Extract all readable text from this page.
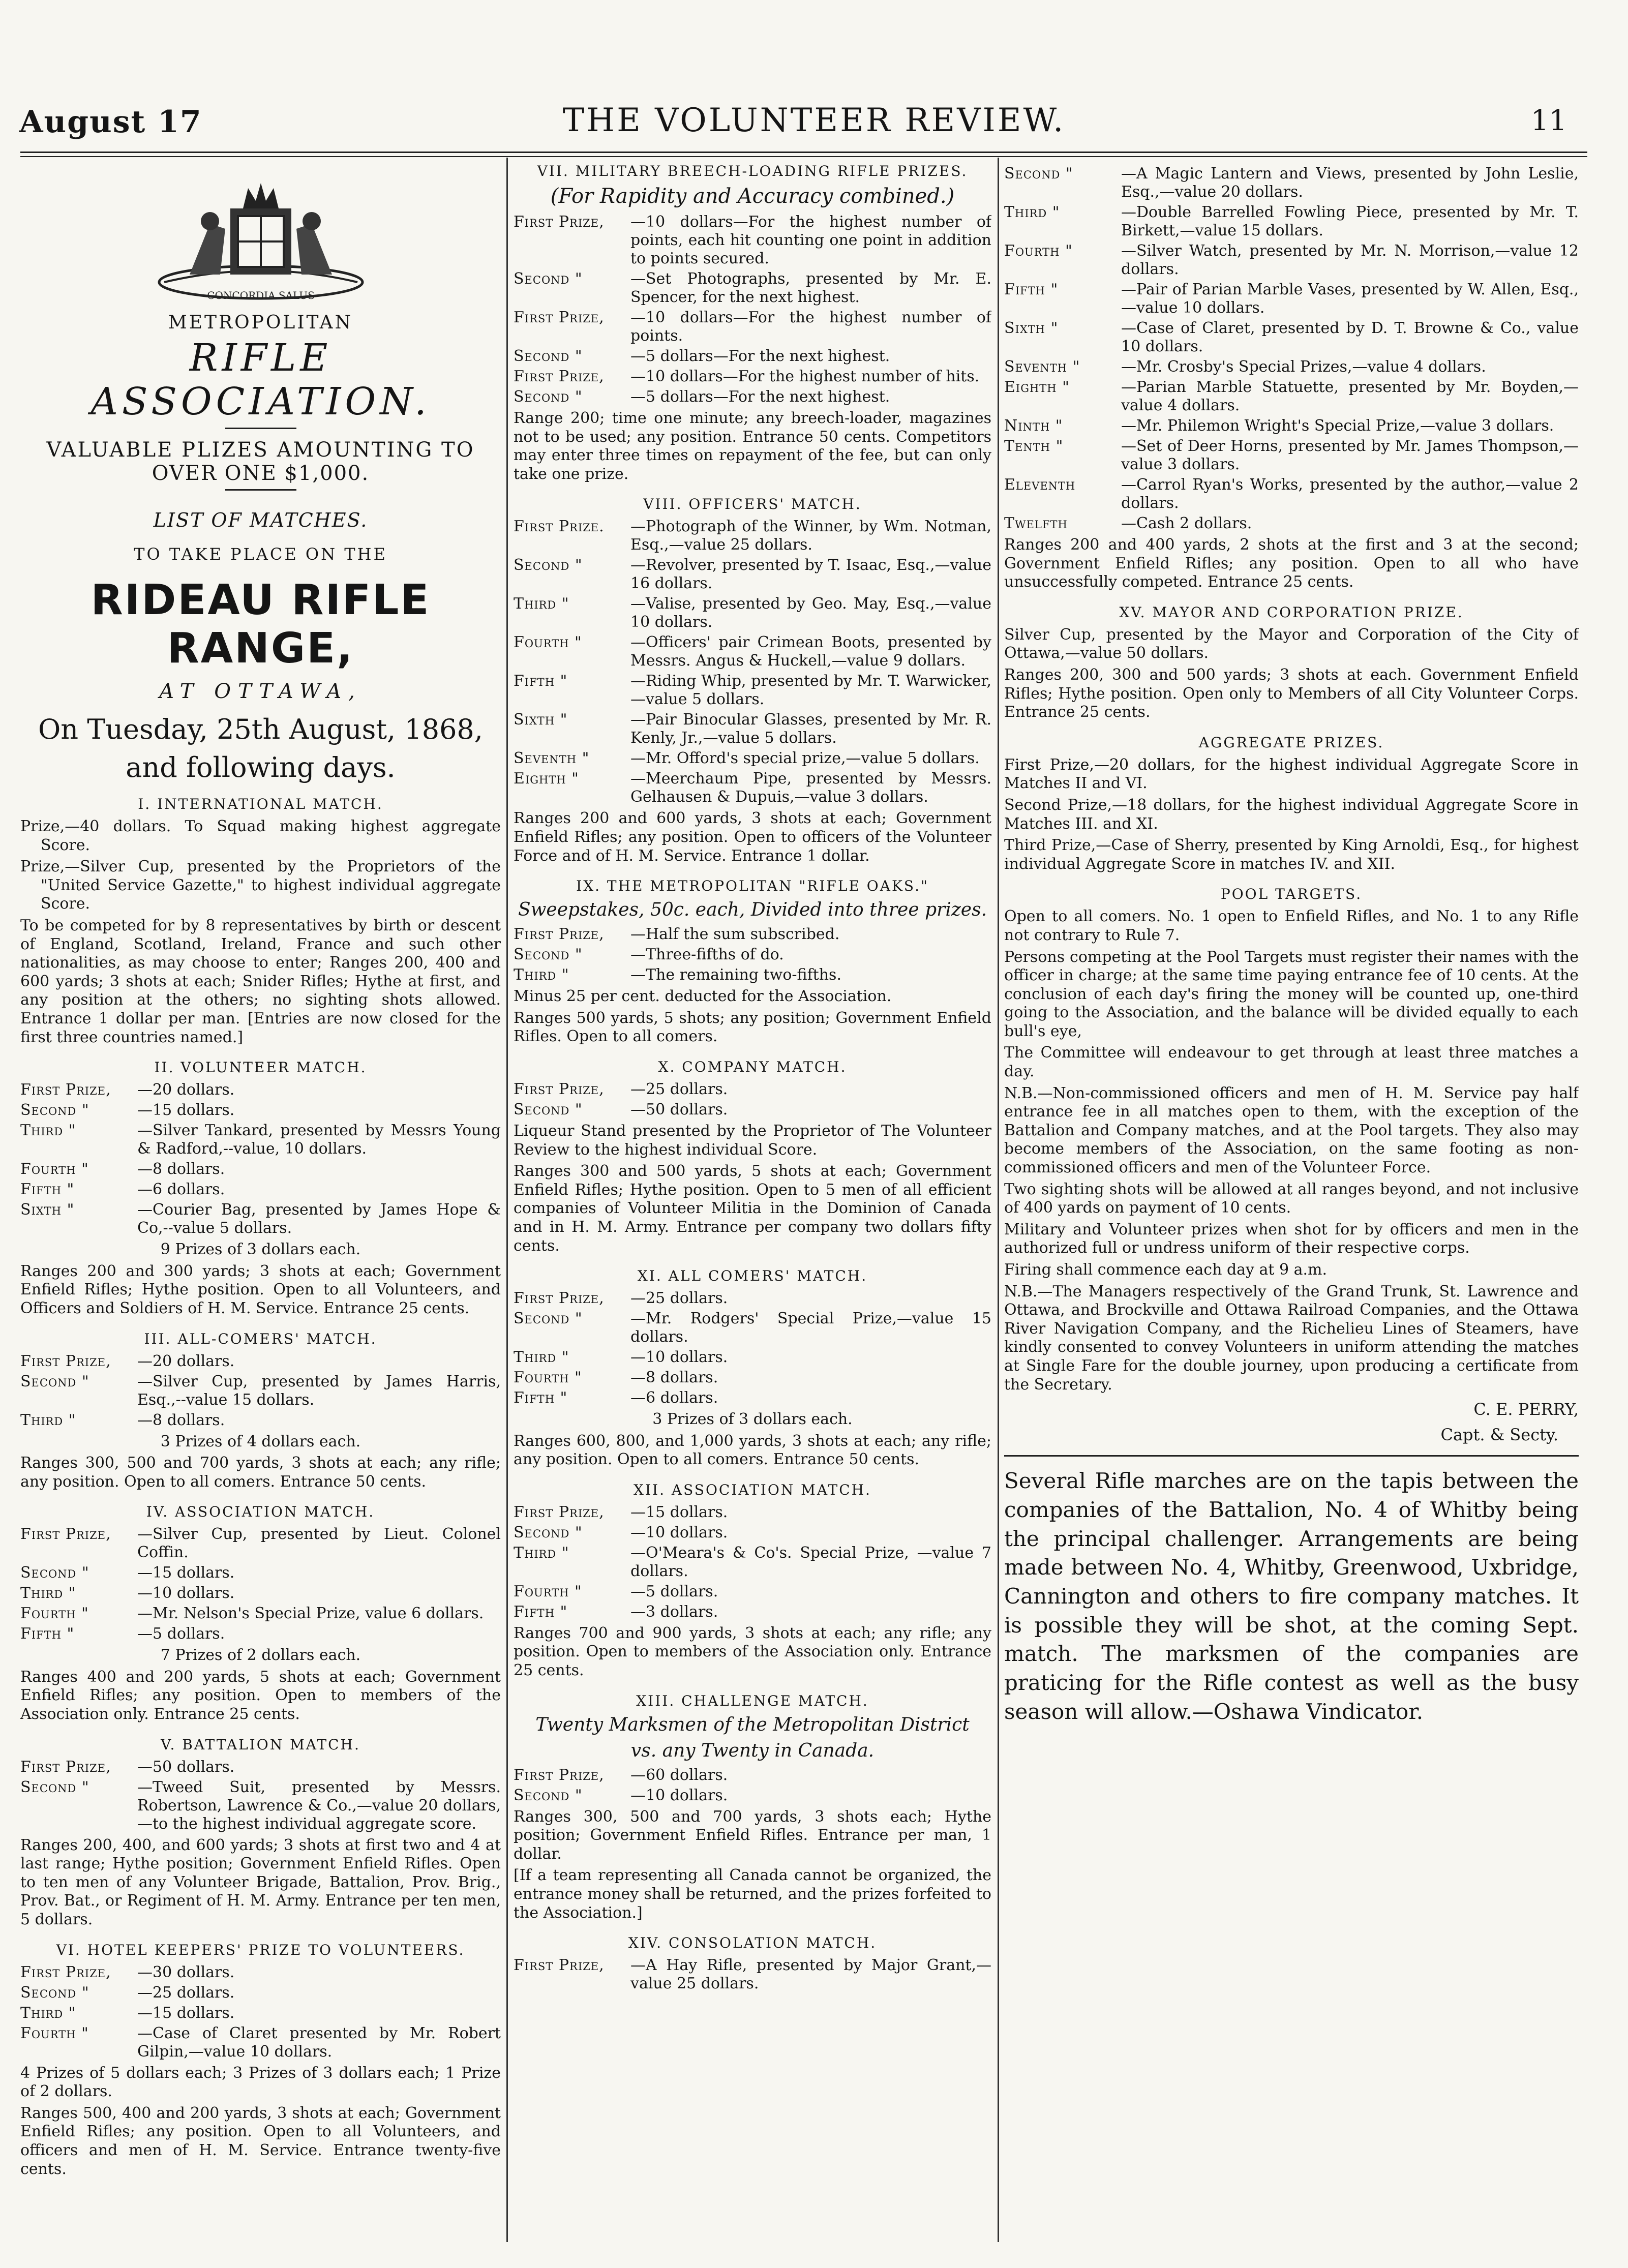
August 17	THE VOLUNTEER REVIEW.	11
CONCORDIA SALUS
METROPOLITAN
RIFLE ASSOCIATION.
VALUABLE PLIZES AMOUNTING TO
OVER ONE $1,000.
LIST OF MATCHES.
TO TAKE PLACE ON THE
RIDEAU RIFLE RANGE,
AT OTTAWA,
On Tuesday, 25th August, 1868,
and following days.
I. INTERNATIONAL MATCH.
Prize,—40 dollars. To Squad making highest aggregate Score.
Prize,—Silver Cup, presented by the Proprietors of the "United Service Gazette," to highest individual aggregate Score.
To be competed for by 8 representatives by birth or descent of England, Scotland, Ireland, France and such other nationalities, as may choose to enter; Ranges 200, 400 and 600 yards; 3 shots at each; Snider Rifles; Hythe at first, and any position at the others; no sighting shots allowed. Entrance 1 dollar per man. [Entries are now closed for the first three countries named.]
II. VOLUNTEER MATCH.
First Prize,	—20 dollars.
Second "	—15 dollars.
Third "	—Silver Tankard, presented by Messrs Young & Radford,--value, 10 dollars.
Fourth "	—8 dollars.
Fifth "	—6 dollars.
Sixth "	—Courier Bag, presented by James Hope & Co,--value 5 dollars.
9 Prizes of 3 dollars each.
Ranges 200 and 300 yards; 3 shots at each; Government Enfield Rifles; Hythe position. Open to all Volunteers, and Officers and Soldiers of H. M. Service. Entrance 25 cents.
III. ALL-COMERS' MATCH.
First Prize,	—20 dollars.
Second "	—Silver Cup, presented by James Harris, Esq.,--value 15 dollars.
Third "	—8 dollars.
3 Prizes of 4 dollars each.
Ranges 300, 500 and 700 yards, 3 shots at each; any rifle; any position. Open to all comers. Entrance 50 cents.
IV. ASSOCIATION MATCH.
First Prize,	—Silver Cup, presented by Lieut. Colonel Coffin.
Second "	—15 dollars.
Third "	—10 dollars.
Fourth "	—Mr. Nelson's Special Prize, value 6 dollars.
Fifth "	—5 dollars.
7 Prizes of 2 dollars each.
Ranges 400 and 200 yards, 5 shots at each; Government Enfield Rifles; any position. Open to members of the Association only. Entrance 25 cents.
V. BATTALION MATCH.
First Prize,	—50 dollars.
Second "	—Tweed Suit, presented by Messrs. Robertson, Lawrence & Co.,—value 20 dollars,—to the highest individual aggregate score.
Ranges 200, 400, and 600 yards; 3 shots at first two and 4 at last range; Hythe position; Government Enfield Rifles. Open to ten men of any Volunteer Brigade, Battalion, Prov. Brig., Prov. Bat., or Regiment of H. M. Army. Entrance per ten men, 5 dollars.
VI. HOTEL KEEPERS' PRIZE TO VOLUNTEERS.
First Prize,	—30 dollars.
Second "	—25 dollars.
Third "	—15 dollars.
Fourth "	—Case of Claret presented by Mr. Robert Gilpin,—value 10 dollars.
4 Prizes of 5 dollars each; 3 Prizes of 3 dollars each; 1 Prize of 2 dollars.
Ranges 500, 400 and 200 yards, 3 shots at each; Government Enfield Rifles; any position. Open to all Volunteers, and officers and men of H. M. Service. Entrance twenty-five cents.
VII. MILITARY BREECH-LOADING RIFLE PRIZES.
(For Rapidity and Accuracy combined.)
First Prize,	—10 dollars—For the highest number of points, each hit counting one point in addition to points secured.
Second "	—Set Photographs, presented by Mr. E. Spencer, for the next highest.
First Prize,	—10 dollars—For the highest number of points.
Second "	—5 dollars—For the next highest.
First Prize,	—10 dollars—For the highest number of hits.
Second "	—5 dollars—For the next highest.
Range 200; time one minute; any breech-loader, magazines not to be used; any position. Entrance 50 cents. Competitors may enter three times on repayment of the fee, but can only take one prize.
VIII. OFFICERS' MATCH.
First Prize.	—Photograph of the Winner, by Wm. Notman, Esq.,—value 25 dollars.
Second "	—Revolver, presented by T. Isaac, Esq.,—value 16 dollars.
Third "	—Valise, presented by Geo. May, Esq.,—value 10 dollars.
Fourth "	—Officers' pair Crimean Boots, presented by Messrs. Angus & Huckell,—value 9 dollars.
Fifth "	—Riding Whip, presented by Mr. T. Warwicker,—value 5 dollars.
Sixth "	—Pair Binocular Glasses, presented by Mr. R. Kenly, Jr.,—value 5 dollars.
Seventh "	—Mr. Offord's special prize,—value 5 dollars.
Eighth "	—Meerchaum Pipe, presented by Messrs. Gelhausen & Dupuis,—value 3 dollars.
Ranges 200 and 600 yards, 3 shots at each; Government Enfield Rifles; any position. Open to officers of the Volunteer Force and of H. M. Service. Entrance 1 dollar.
IX. THE METROPOLITAN "RIFLE OAKS."
Sweepstakes, 50c. each, Divided into three prizes.
First Prize,	—Half the sum subscribed.
Second "	—Three-fifths of do.
Third "	—The remaining two-fifths.
Minus 25 per cent. deducted for the Association.
Ranges 500 yards, 5 shots; any position; Government Enfield Rifles. Open to all comers.
X. COMPANY MATCH.
First Prize,	—25 dollars.
Second "	—50 dollars.
Liqueur Stand presented by the Proprietor of The Volunteer Review to the highest individual Score.
Ranges 300 and 500 yards, 5 shots at each; Government Enfield Rifles; Hythe position. Open to 5 men of all efficient companies of Volunteer Militia in the Dominion of Canada and in H. M. Army. Entrance per company two dollars fifty cents.
XI. ALL COMERS' MATCH.
First Prize,	—25 dollars.
Second "	—Mr. Rodgers' Special Prize,—value 15 dollars.
Third "	—10 dollars.
Fourth "	—8 dollars.
Fifth "	—6 dollars.
3 Prizes of 3 dollars each.
Ranges 600, 800, and 1,000 yards, 3 shots at each; any rifle; any position. Open to all comers. Entrance 50 cents.
XII. ASSOCIATION MATCH.
First Prize,	—15 dollars.
Second "	—10 dollars.
Third "	—O'Meara's & Co's. Special Prize, —value 7 dollars.
Fourth "	—5 dollars.
Fifth "	—3 dollars.
Ranges 700 and 900 yards, 3 shots at each; any rifle; any position. Open to members of the Association only. Entrance 25 cents.
XIII. CHALLENGE MATCH.
Twenty Marksmen of the Metropolitan District
vs. any Twenty in Canada.
First Prize,	—60 dollars.
Second "	—10 dollars.
Ranges 300, 500 and 700 yards, 3 shots each; Hythe position; Government Enfield Rifles. Entrance per man, 1 dollar.
[If a team representing all Canada cannot be organized, the entrance money shall be returned, and the prizes forfeited to the Association.]
XIV. CONSOLATION MATCH.
First Prize,	—A Hay Rifle, presented by Major Grant,—value 25 dollars.
Second "	—A Magic Lantern and Views, presented by John Leslie, Esq.,—value 20 dollars.
Third "	—Double Barrelled Fowling Piece, presented by Mr. T. Birkett,—value 15 dollars.
Fourth "	—Silver Watch, presented by Mr. N. Morrison,—value 12 dollars.
Fifth "	—Pair of Parian Marble Vases, presented by W. Allen, Esq.,—value 10 dollars.
Sixth "	—Case of Claret, presented by D. T. Browne & Co., value 10 dollars.
Seventh "	—Mr. Crosby's Special Prizes,—value 4 dollars.
Eighth "	—Parian Marble Statuette, presented by Mr. Boyden,—value 4 dollars.
Ninth "	—Mr. Philemon Wright's Special Prize,—value 3 dollars.
Tenth "	—Set of Deer Horns, presented by Mr. James Thompson,—value 3 dollars.
Eleventh	—Carrol Ryan's Works, presented by the author,—value 2 dollars.
Twelfth	—Cash 2 dollars.
Ranges 200 and 400 yards, 2 shots at the first and 3 at the second; Government Enfield Rifles; any position. Open to all who have unsuccessfully competed. Entrance 25 cents.
XV. MAYOR AND CORPORATION PRIZE.
Silver Cup, presented by the Mayor and Corporation of the City of Ottawa,—value 50 dollars.
Ranges 200, 300 and 500 yards; 3 shots at each. Government Enfield Rifles; Hythe position. Open only to Members of all City Volunteer Corps. Entrance 25 cents.
AGGREGATE PRIZES.
First Prize,—20 dollars, for the highest individual Aggregate Score in Matches II and VI.
Second Prize,—18 dollars, for the highest individual Aggregate Score in Matches III. and XI.
Third Prize,—Case of Sherry, presented by King Arnoldi, Esq., for highest individual Aggregate Score in matches IV. and XII.
POOL TARGETS.
Open to all comers. No. 1 open to Enfield Rifles, and No. 1 to any Rifle not contrary to Rule 7.
Persons competing at the Pool Targets must register their names with the officer in charge; at the same time paying entrance fee of 10 cents. At the conclusion of each day's firing the money will be counted up, one-third going to the Association, and the balance will be divided equally to each bull's eye,
The Committee will endeavour to get through at least three matches a day.
N.B.—Non-commissioned officers and men of H. M. Service pay half entrance fee in all matches open to them, with the exception of the Battalion and Company matches, and at the Pool targets. They also may become members of the Association, on the same footing as non-commissioned officers and men of the Volunteer Force.
Two sighting shots will be allowed at all ranges beyond, and not inclusive of 400 yards on payment of 10 cents.
Military and Volunteer prizes when shot for by officers and men in the authorized full or undress uniform of their respective corps.
Firing shall commence each day at 9 a.m.
N.B.—The Managers respectively of the Grand Trunk, St. Lawrence and Ottawa, and Brockville and Ottawa Railroad Companies, and the Ottawa River Navigation Company, and the Richelieu Lines of Steamers, have kindly consented to convey Volunteers in uniform attending the matches at Single Fare for the double journey, upon producing a certificate from the Secretary.
C. E. PERRY,
Capt. & Secty.
Several Rifle marches are on the tapis between the companies of the Battalion, No. 4 of Whitby being the principal challenger. Arrangements are being made between No. 4, Whitby, Greenwood, Uxbridge, Cannington and others to fire company matches. It is possible they will be shot, at the coming Sept. match. The marksmen of the companies are praticing for the Rifle contest as well as the busy season will allow.—Oshawa Vindicator.
